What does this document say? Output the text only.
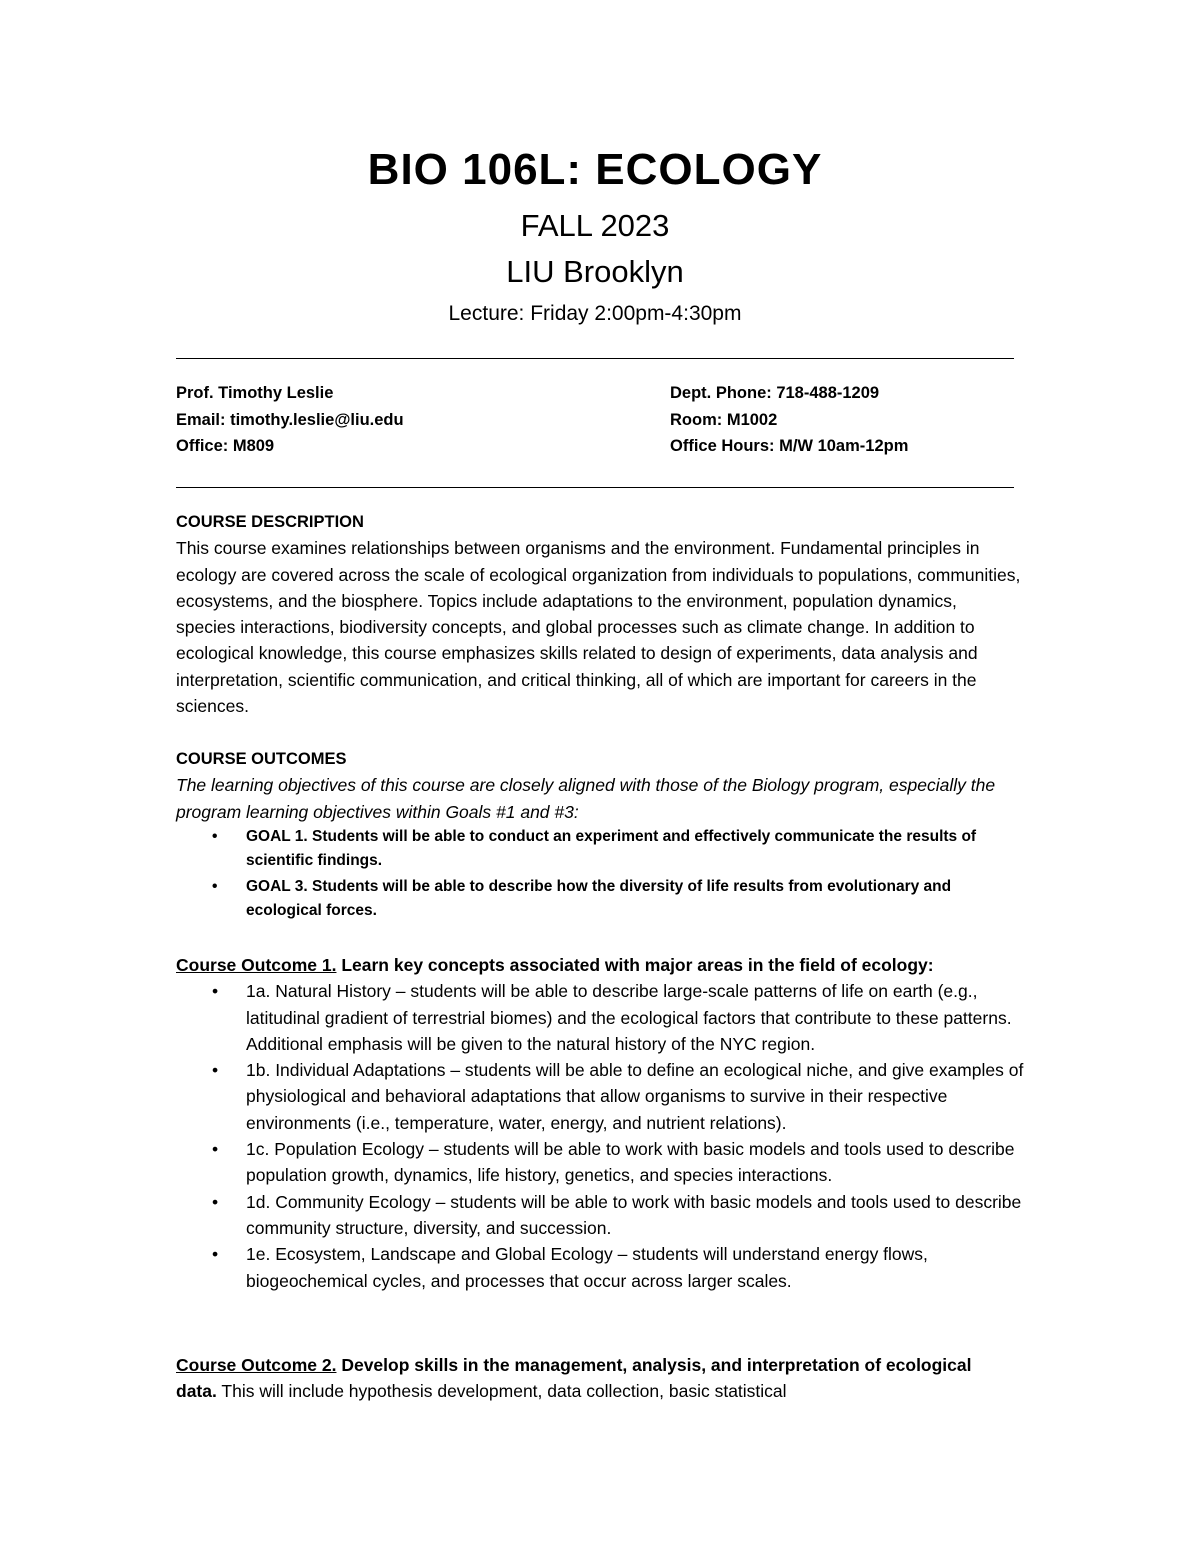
BIO 106L: ECOLOGY
FALL 2023
LIU Brooklyn
Lecture: Friday 2:00pm-4:30pm
Prof. Timothy Leslie
Email: timothy.leslie@liu.edu
Office: M809
Dept. Phone: 718-488-1209
Room: M1002
Office Hours: M/W 10am-12pm
COURSE DESCRIPTION
This course examines relationships between organisms and the environment. Fundamental principles in ecology are covered across the scale of ecological organization from individuals to populations, communities, ecosystems, and the biosphere. Topics include adaptations to the environment, population dynamics, species interactions, biodiversity concepts, and global processes such as climate change. In addition to ecological knowledge, this course emphasizes skills related to design of experiments, data analysis and interpretation, scientific communication, and critical thinking, all of which are important for careers in the sciences.
COURSE OUTCOMES
The learning objectives of this course are closely aligned with those of the Biology program, especially the program learning objectives within Goals #1 and #3:
• GOAL 1. Students will be able to conduct an experiment and effectively communicate the results of scientific findings.
• GOAL 3. Students will be able to describe how the diversity of life results from evolutionary and ecological forces.
Course Outcome 1. Learn key concepts associated with major areas in the field of ecology:
• 1a. Natural History – students will be able to describe large-scale patterns of life on earth (e.g., latitudinal gradient of terrestrial biomes) and the ecological factors that contribute to these patterns. Additional emphasis will be given to the natural history of the NYC region.
• 1b. Individual Adaptations – students will be able to define an ecological niche, and give examples of physiological and behavioral adaptations that allow organisms to survive in their respective environments (i.e., temperature, water, energy, and nutrient relations).
• 1c. Population Ecology – students will be able to work with basic models and tools used to describe population growth, dynamics, life history, genetics, and species interactions.
• 1d. Community Ecology – students will be able to work with basic models and tools used to describe community structure, diversity, and succession.
• 1e. Ecosystem, Landscape and Global Ecology – students will understand energy flows, biogeochemical cycles, and processes that occur across larger scales.
Course Outcome 2. Develop skills in the management, analysis, and interpretation of ecological data. This will include hypothesis development, data collection, basic statistical
